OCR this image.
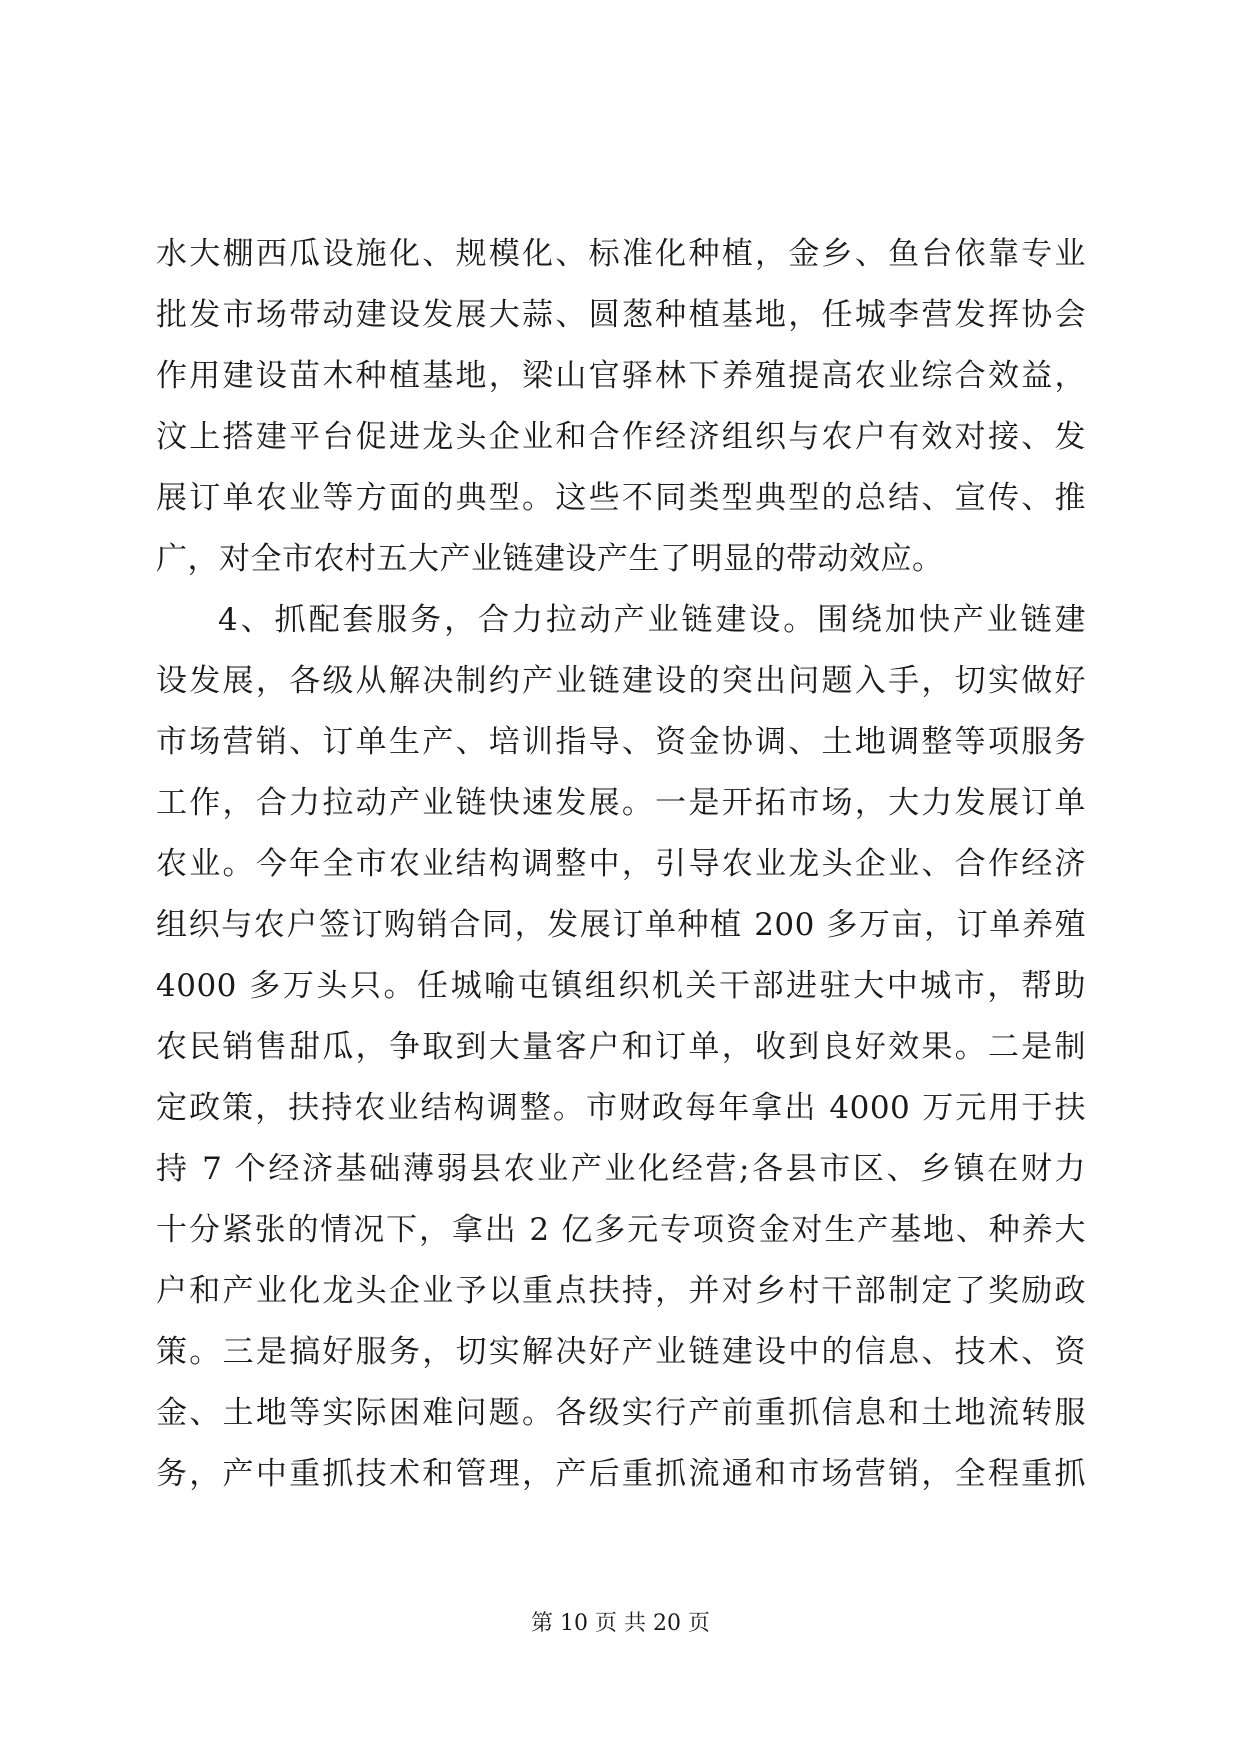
水大棚西瓜设施化、规模化、标准化种植，金乡、鱼台依靠专业
批发市场带动建设发展大蒜、圆葱种植基地，任城李营发挥协会
作用建设苗木种植基地，梁山官驿林下养殖提高农业综合效益，
汶上搭建平台促进龙头企业和合作经济组织与农户有效对接、发
展订单农业等方面的典型。这些不同类型典型的总结、宣传、推
广，对全市农村五大产业链建设产生了明显的带动效应。
4、抓配套服务，合力拉动产业链建设。围绕加快产业链建
设发展，各级从解决制约产业链建设的突出问题入手，切实做好
市场营销、订单生产、培训指导、资金协调、土地调整等项服务
工作，合力拉动产业链快速发展。一是开拓市场，大力发展订单
农业。今年全市农业结构调整中，引导农业龙头企业、合作经济
组织与农户签订购销合同，发展订单种植 200 多万亩，订单养殖
4000 多万头只。任城喻屯镇组织机关干部进驻大中城市，帮助
农民销售甜瓜，争取到大量客户和订单，收到良好效果。二是制
定政策，扶持农业结构调整。市财政每年拿出 4000 万元用于扶
持 7 个经济基础薄弱县农业产业化经营;各县市区、乡镇在财力
十分紧张的情况下，拿出 2 亿多元专项资金对生产基地、种养大
户和产业化龙头企业予以重点扶持，并对乡村干部制定了奖励政
策。三是搞好服务，切实解决好产业链建设中的信息、技术、资
金、土地等实际困难问题。各级实行产前重抓信息和土地流转服
务，产中重抓技术和管理，产后重抓流通和市场营销，全程重抓
第 10 页 共 20 页
